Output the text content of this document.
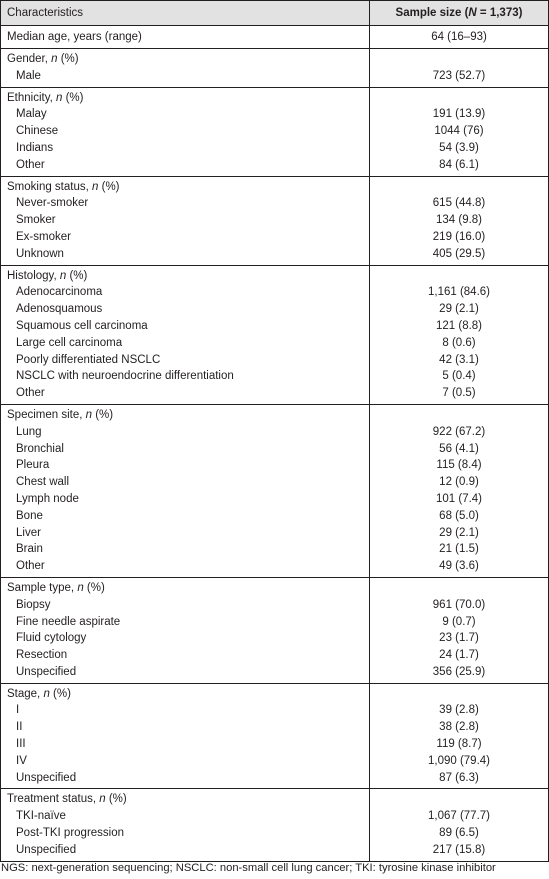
Characteristics	Sample size (N = 1,373)
Median age, years (range)	64 (16–93)
Gender, n (%)	
Male	723 (52.7)
Ethnicity, n (%)	
Malay	191 (13.9)
Chinese	1044 (76)
Indians	54 (3.9)
Other	84 (6.1)
Smoking status, n (%)	
Never-smoker	615 (44.8)
Smoker	134 (9.8)
Ex-smoker	219 (16.0)
Unknown	405 (29.5)
Histology, n (%)	
Adenocarcinoma	1,161 (84.6)
Adenosquamous	29 (2.1)
Squamous cell carcinoma	121 (8.8)
Large cell carcinoma	8 (0.6)
Poorly differentiated NSCLC	42 (3.1)
NSCLC with neuroendocrine differentiation	5 (0.4)
Other	7 (0.5)
Specimen site, n (%)	
Lung	922 (67.2)
Bronchial	56 (4.1)
Pleura	115 (8.4)
Chest wall	12 (0.9)
Lymph node	101 (7.4)
Bone	68 (5.0)
Liver	29 (2.1)
Brain	21 (1.5)
Other	49 (3.6)
Sample type, n (%)	
Biopsy	961 (70.0)
Fine needle aspirate	9 (0.7)
Fluid cytology	23 (1.7)
Resection	24 (1.7)
Unspecified	356 (25.9)
Stage, n (%)	
I	39 (2.8)
II	38 (2.8)
III	119 (8.7)
IV	1,090 (79.4)
Unspecified	87 (6.3)
Treatment status, n (%)	
TKI-naïve	1,067 (77.7)
Post-TKI progression	89 (6.5)
Unspecified	217 (15.8)
NGS: next-generation sequencing; NSCLC: non-small cell lung cancer; TKI: tyrosine kinase inhibitor
